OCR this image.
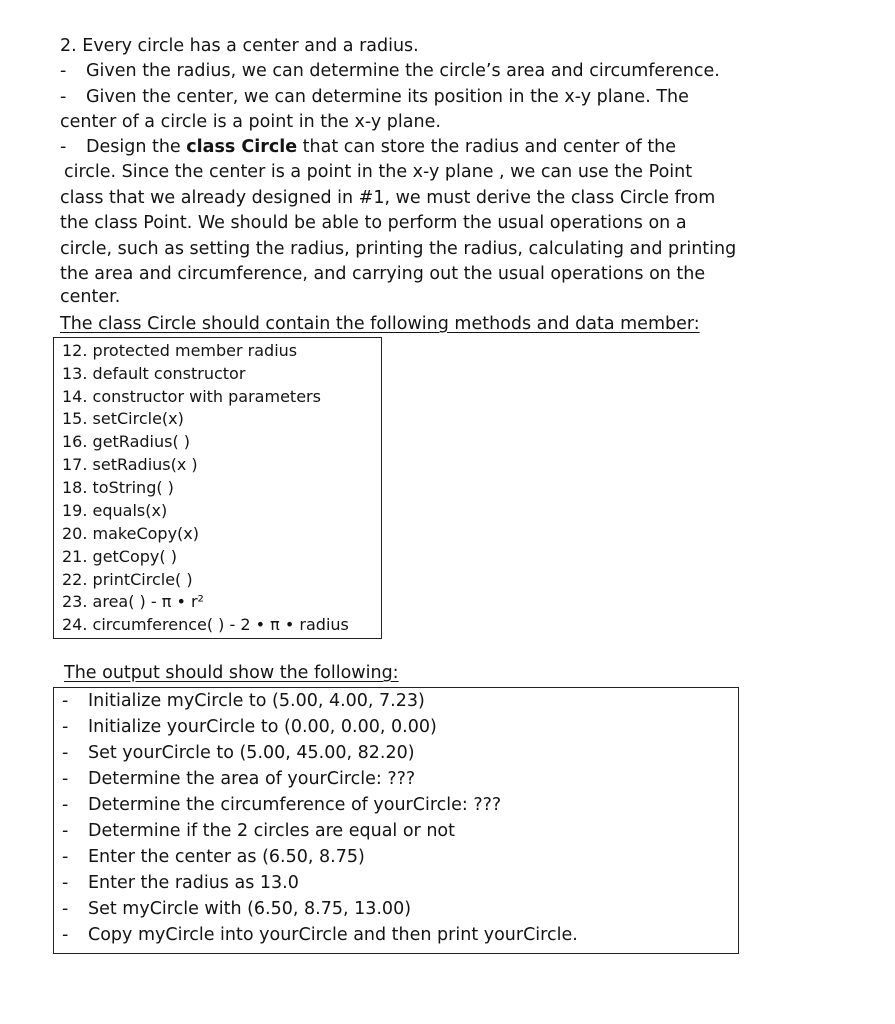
2. Every circle has a center and a radius.
- Given the radius, we can determine the circle’s area and circumference.
- Given the center, we can determine its position in the x-y plane. The
center of a circle is a point in the x-y plane.
- Design the class Circle that can store the radius and center of the
circle. Since the center is a point in the x-y plane , we can use the Point
class that we already designed in #1, we must derive the class Circle from
the class Point. We should be able to perform the usual operations on a
circle, such as setting the radius, printing the radius, calculating and printing
the area and circumference, and carrying out the usual operations on the
center.
The class Circle should contain the following methods and data member:
12. protected member radius
13. default constructor
14. constructor with parameters
15. setCircle(x)
16. getRadius( )
17. setRadius(x )
18. toString( )
19. equals(x)
20. makeCopy(x)
21. getCopy( )
22. printCircle( )
23. area( ) - π • r²
24. circumference( ) - 2 • π • radius
The output should show the following:
- Initialize myCircle to (5.00, 4.00, 7.23)
- Initialize yourCircle to (0.00, 0.00, 0.00)
- Set yourCircle to (5.00, 45.00, 82.20)
- Determine the area of yourCircle: ???
- Determine the circumference of yourCircle: ???
- Determine if the 2 circles are equal or not
- Enter the center as (6.50, 8.75)
- Enter the radius as 13.0
- Set myCircle with (6.50, 8.75, 13.00)
- Copy myCircle into yourCircle and then print yourCircle.
